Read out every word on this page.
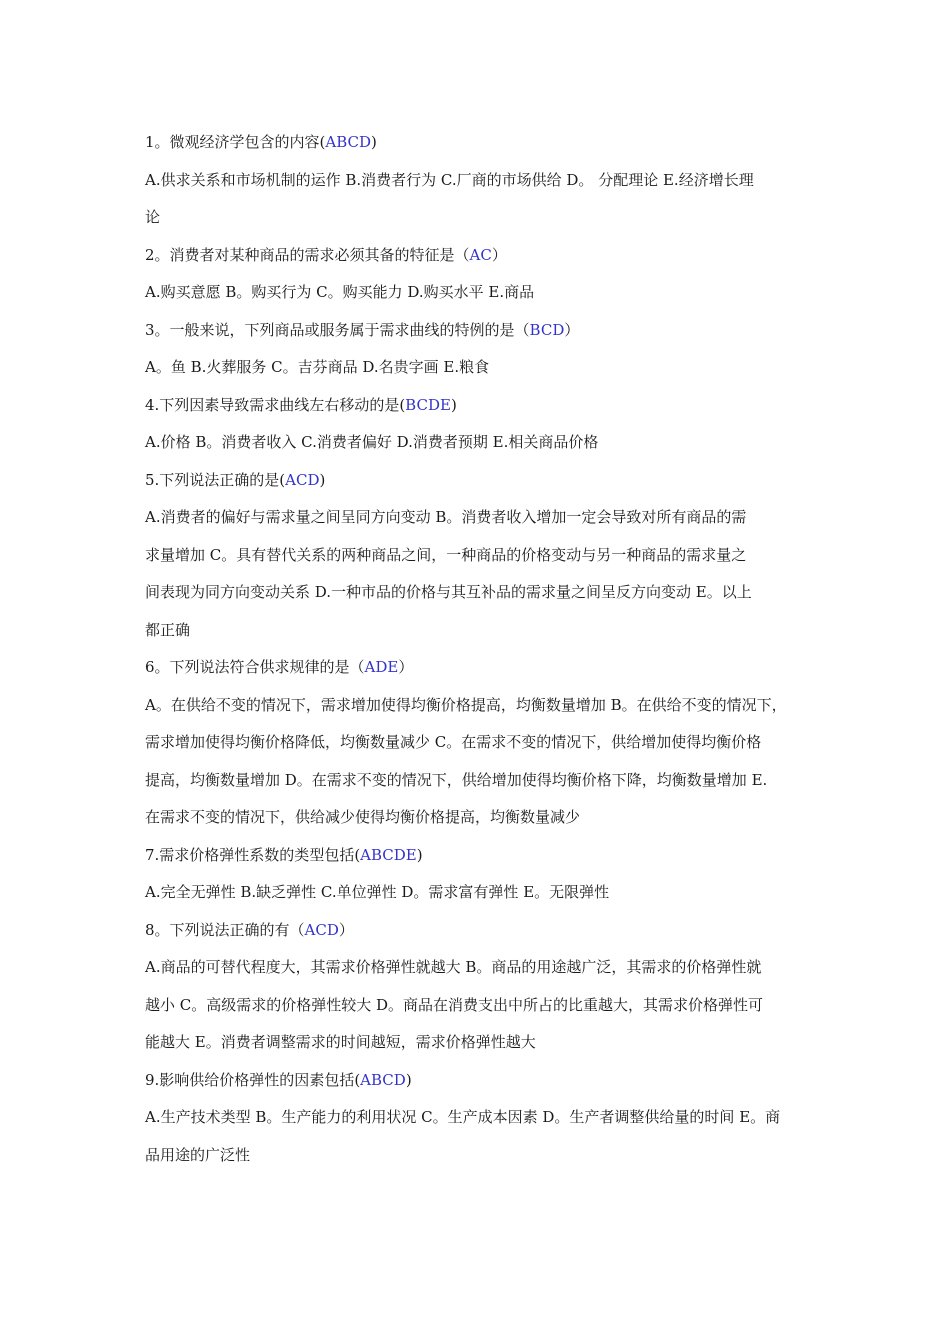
1。微观经济学包含的内容(ABCD)
A.供求关系和市场机制的运作 B.消费者行为 C.厂商的市场供给 D。 分配理论 E.经济增长理
论
2。消费者对某种商品的需求必须其备的特征是（AC）
A.购买意愿 B。购买行为 C。购买能力 D.购买水平 E.商品
3。一般来说，下列商品或服务属于需求曲线的特例的是（BCD）
A。鱼 B.火葬服务 C。吉芬商品 D.名贵字画 E.粮食
4.下列因素导致需求曲线左右移动的是(BCDE)
A.价格 B。消费者收入 C.消费者偏好 D.消费者预期 E.相关商品价格
5.下列说法正确的是(ACD)
A.消费者的偏好与需求量之间呈同方向变动 B。消费者收入增加一定会导致对所有商品的需
求量增加 C。具有替代关系的两种商品之间，一种商品的价格变动与另一种商品的需求量之
间表现为同方向变动关系 D.一种市品的价格与其互补品的需求量之间呈反方向变动 E。以上
都正确
6。下列说法符合供求规律的是（ADE）
A。在供给不变的情况下，需求增加使得均衡价格提高，均衡数量增加 B。在供给不变的情况下，
需求增加使得均衡价格降低，均衡数量减少 C。在需求不变的情况下，供给增加使得均衡价格
提高，均衡数量增加 D。在需求不变的情况下，供给增加使得均衡价格下降，均衡数量增加 E.
在需求不变的情况下，供给减少使得均衡价格提高，均衡数量减少
7.需求价格弹性系数的类型包括(ABCDE)
A.完全无弹性 B.缺乏弹性 C.单位弹性 D。需求富有弹性 E。无限弹性
8。下列说法正确的有（ACD）
A.商品的可替代程度大，其需求价格弹性就越大 B。商品的用途越广泛，其需求的价格弹性就
越小 C。高级需求的价格弹性较大 D。商品在消费支出中所占的比重越大，其需求价格弹性可
能越大 E。消费者调整需求的时间越短，需求价格弹性越大
9.影响供给价格弹性的因素包括(ABCD)
A.生产技术类型 B。生产能力的利用状况 C。生产成本因素 D。生产者调整供给量的时间 E。商
品用途的广泛性
